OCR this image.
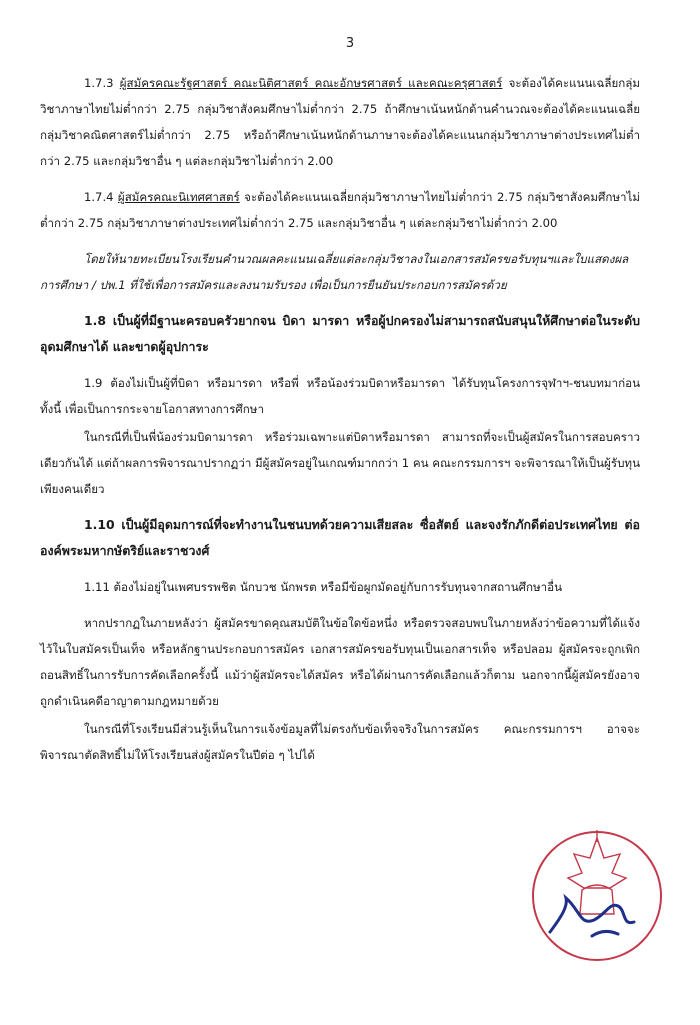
3

1.7.3 ผู้สมัครคณะรัฐศาสตร์ คณะนิติศาสตร์ คณะอักษรศาสตร์ และคณะครุศาสตร์ จะต้องได้คะแนนเฉลี่ยกลุ่มวิชาภาษาไทยไม่ต่ำกว่า 2.75 กลุ่มวิชาสังคมศึกษาไม่ต่ำกว่า 2.75 ถ้าศึกษาเน้นหนักด้านคำนวณจะต้องได้คะแนนเฉลี่ยกลุ่มวิชาคณิตศาสตร์ไม่ต่ำกว่า 2.75 หรือถ้าศึกษาเน้นหนักด้านภาษาจะต้องได้คะแนนกลุ่มวิชาภาษาต่างประเทศไม่ต่ำกว่า 2.75 และกลุ่มวิชาอื่น ๆ แต่ละกลุ่มวิชาไม่ต่ำกว่า 2.00

1.7.4 ผู้สมัครคณะนิเทศศาสตร์ จะต้องได้คะแนนเฉลี่ยกลุ่มวิชาภาษาไทยไม่ต่ำกว่า 2.75 กลุ่มวิชาสังคมศึกษาไม่ต่ำกว่า 2.75 กลุ่มวิชาภาษาต่างประเทศไม่ต่ำกว่า 2.75 และกลุ่มวิชาอื่น ๆ แต่ละกลุ่มวิชาไม่ต่ำกว่า 2.00

โดยให้นายทะเบียนโรงเรียนคำนวณผลคะแนนเฉลี่ยแต่ละกลุ่มวิชาลงในเอกสารสมัครขอรับทุนฯและใบแสดงผลการศึกษา / ปพ.1 ที่ใช้เพื่อการสมัครและลงนามรับรอง เพื่อเป็นการยืนยันประกอบการสมัครด้วย

1.8 เป็นผู้ที่มีฐานะครอบครัวยากจน บิดา มารดา หรือผู้ปกครองไม่สามารถสนับสนุนให้ศึกษาต่อในระดับอุดมศึกษาได้ และขาดผู้อุปการะ

1.9 ต้องไม่เป็นผู้ที่บิดา หรือมารดา หรือพี่ หรือน้องร่วมบิดาหรือมารดา ได้รับทุนโครงการจุฬาฯ-ชนบทมาก่อน ทั้งนี้ เพื่อเป็นการกระจายโอกาสทางการศึกษา

ในกรณีที่เป็นพี่น้องร่วมบิดามารดา หรือร่วมเฉพาะแต่บิดาหรือมารดา สามารถที่จะเป็นผู้สมัครในการสอบคราวเดียวกันได้ แต่ถ้าผลการพิจารณาปรากฏว่า มีผู้สมัครอยู่ในเกณฑ์มากกว่า 1 คน คณะกรรมการฯ จะพิจารณาให้เป็นผู้รับทุนเพียงคนเดียว

1.10 เป็นผู้มีอุดมการณ์ที่จะทำงานในชนบทด้วยความเสียสละ ซื่อสัตย์ และจงรักภักดีต่อประเทศไทย ต่อองค์พระมหากษัตริย์และราชวงศ์

1.11 ต้องไม่อยู่ในเพศบรรพชิต นักบวช นักพรต หรือมีข้อผูกมัดอยู่กับการรับทุนจากสถานศึกษาอื่น

หากปรากฏในภายหลังว่า ผู้สมัครขาดคุณสมบัติในข้อใดข้อหนึ่ง หรือตรวจสอบพบในภายหลังว่าข้อความที่ได้แจ้งไว้ในใบสมัครเป็นเท็จ หรือหลักฐานประกอบการสมัคร เอกสารสมัครขอรับทุนเป็นเอกสารเท็จ หรือปลอม ผู้สมัครจะถูกเพิกถอนสิทธิ์ในการรับการคัดเลือกครั้งนี้ แม้ว่าผู้สมัครจะได้สมัคร หรือได้ผ่านการคัดเลือกแล้วก็ตาม นอกจากนี้ผู้สมัครยังอาจถูกดำเนินคดีอาญาตามกฎหมายด้วย

ในกรณีที่โรงเรียนมีส่วนรู้เห็นในการแจ้งข้อมูลที่ไม่ตรงกับข้อเท็จจริงในการสมัคร คณะกรรมการฯ อาจจะพิจารณาตัดสิทธิ์ไม่ให้โรงเรียนส่งผู้สมัครในปีต่อ ๆ ไปได้
